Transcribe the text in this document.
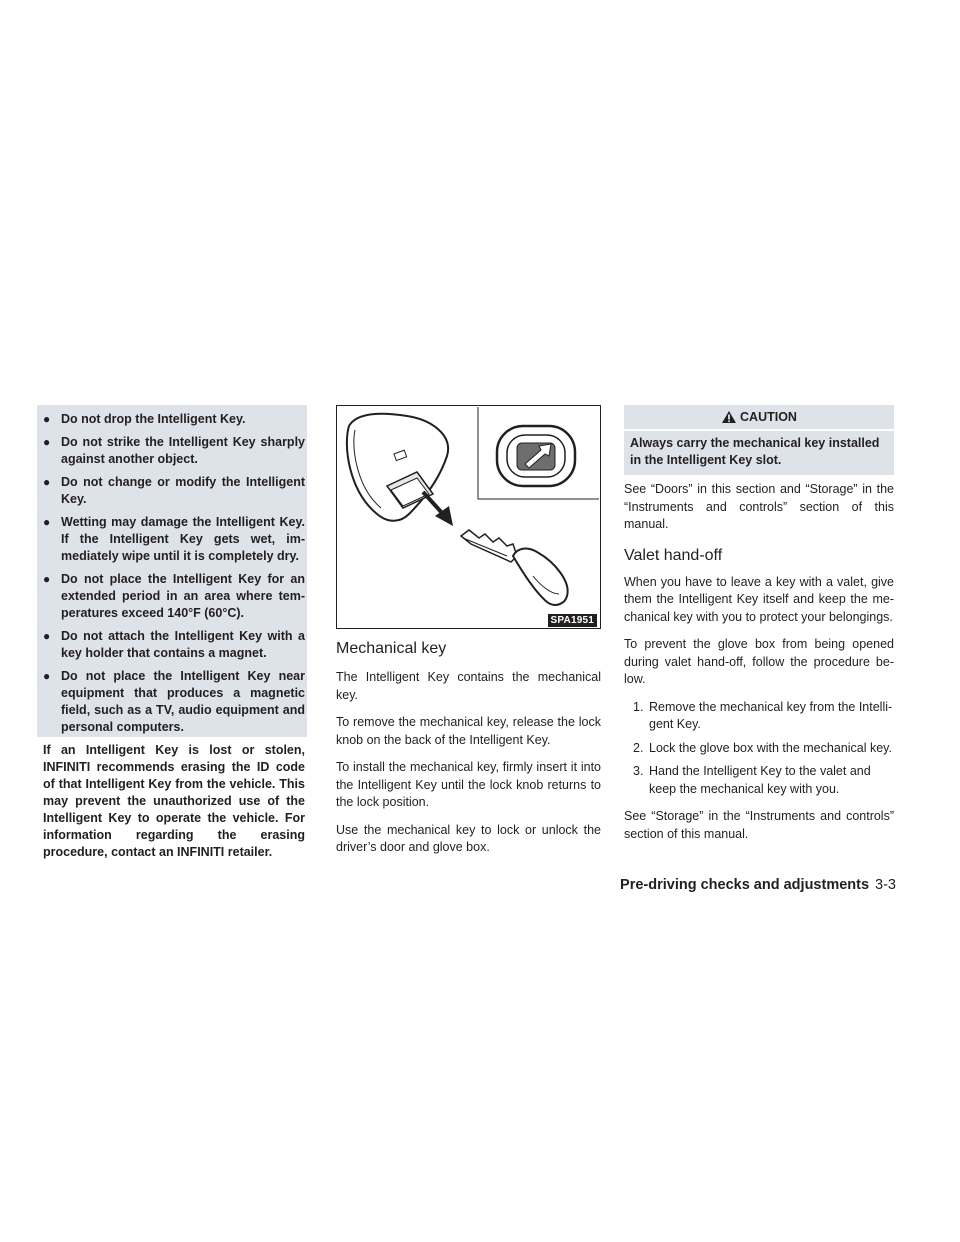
● Do not drop the Intelligent Key.
● Do not strike the Intelligent Key sharply against another object.
● Do not change or modify the Intelligent Key.
● Wetting may damage the Intelligent Key. If the Intelligent Key gets wet, im-mediately wipe until it is completely dry.
● Do not place the Intelligent Key for an extended period in an area where tem-peratures exceed 140°F (60°C).
● Do not attach the Intelligent Key with a key holder that contains a magnet.
● Do not place the Intelligent Key near equipment that produces a magnetic field, such as a TV, audio equipment and personal computers.

If an Intelligent Key is lost or stolen, INFINITI recommends erasing the ID code of that Intelligent Key from the vehicle. This may prevent the unauthorized use of the Intelligent Key to operate the vehicle. For information regarding the erasing procedure, contact an INFINITI retailer.

SPA1951
Mechanical key

The Intelligent Key contains the mechanical key.

To remove the mechanical key, release the lock knob on the back of the Intelligent Key.

To install the mechanical key, firmly insert it into the Intelligent Key until the lock knob returns to the lock position.

Use the mechanical key to lock or unlock the driver’s door and glove box.

CAUTION
Always carry the mechanical key installed in the Intelligent Key slot.

See “Doors” in this section and “Storage” in the “Instruments and controls” section of this manual.

Valet hand-off

When you have to leave a key with a valet, give them the Intelligent Key itself and keep the me-chanical key with you to protect your belongings.

To prevent the glove box from being opened during valet hand-off, follow the procedure be-low.

1. Remove the mechanical key from the Intelli-gent Key.
2. Lock the glove box with the mechanical key.
3. Hand the Intelligent Key to the valet and keep the mechanical key with you.

See “Storage” in the “Instruments and controls” section of this manual.

Pre-driving checks and adjustments 3-3
